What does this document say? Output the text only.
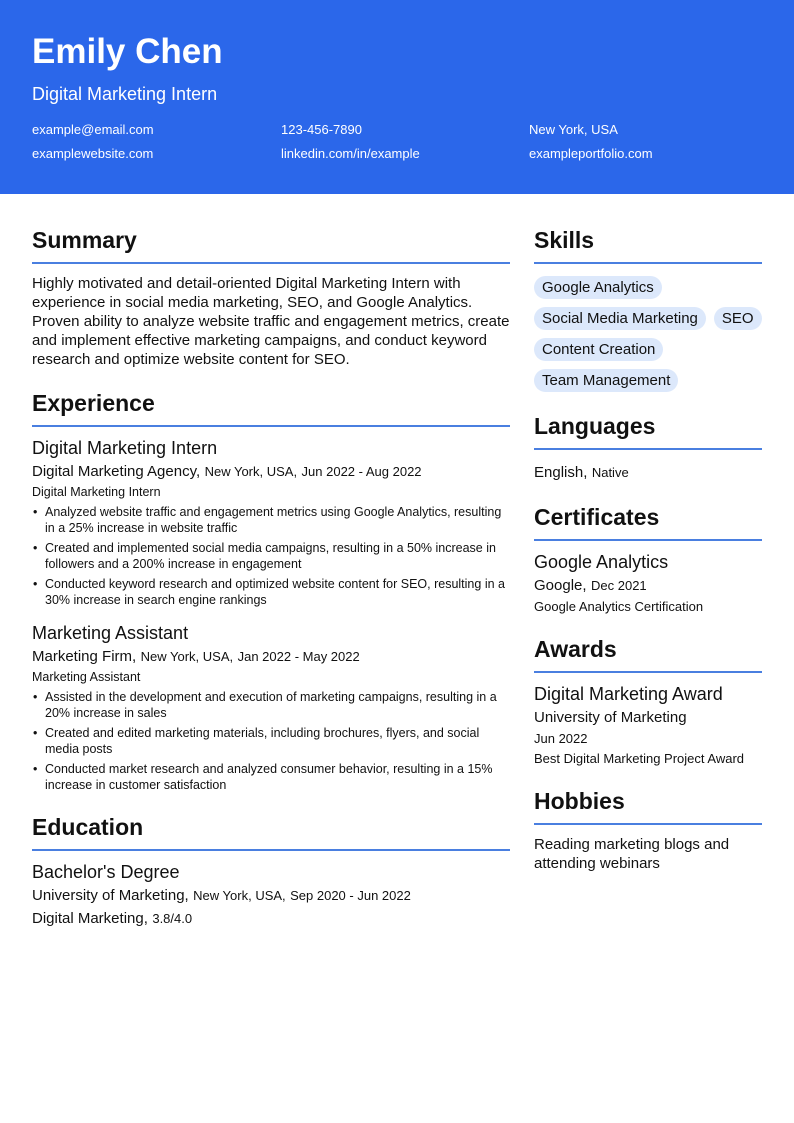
Emily Chen
Digital Marketing Intern
example@email.com	123-456-7890	New York, USA
examplewebsite.com	linkedin.com/in/example	exampleportfolio.com
Summary

Highly motivated and detail-oriented Digital Marketing Intern with experience in social media marketing, SEO, and Google Analytics. Proven ability to analyze website traffic and engagement metrics, create and implement effective marketing campaigns, and conduct keyword research and optimize website content for SEO.

Experience
Digital Marketing Intern
Digital Marketing Agency, New York, USA, Jun 2022 - Aug 2022
Digital Marketing Intern
• Analyzed website traffic and engagement metrics using Google Analytics, resulting in a 25% increase in website traffic
• Created and implemented social media campaigns, resulting in a 50% increase in followers and a 200% increase in engagement
• Conducted keyword research and optimized website content for SEO, resulting in a 30% increase in search engine rankings
Marketing Assistant
Marketing Firm, New York, USA, Jan 2022 - May 2022
Marketing Assistant
• Assisted in the development and execution of marketing campaigns, resulting in a 20% increase in sales
• Created and edited marketing materials, including brochures, flyers, and social media posts
• Conducted market research and analyzed consumer behavior, resulting in a 15% increase in customer satisfaction
Education
Bachelor's Degree
University of Marketing, New York, USA, Sep 2020 - Jun 2022
Digital Marketing, 3.8/4.0
Skills
Google Analytics
Social Media Marketing	SEO
Content Creation
Team Management
Languages
English, Native
Certificates
Google Analytics
Google, Dec 2021
Google Analytics Certification
Awards
Digital Marketing Award
University of Marketing
Jun 2022
Best Digital Marketing Project Award
Hobbies
Reading marketing blogs and attending webinars
